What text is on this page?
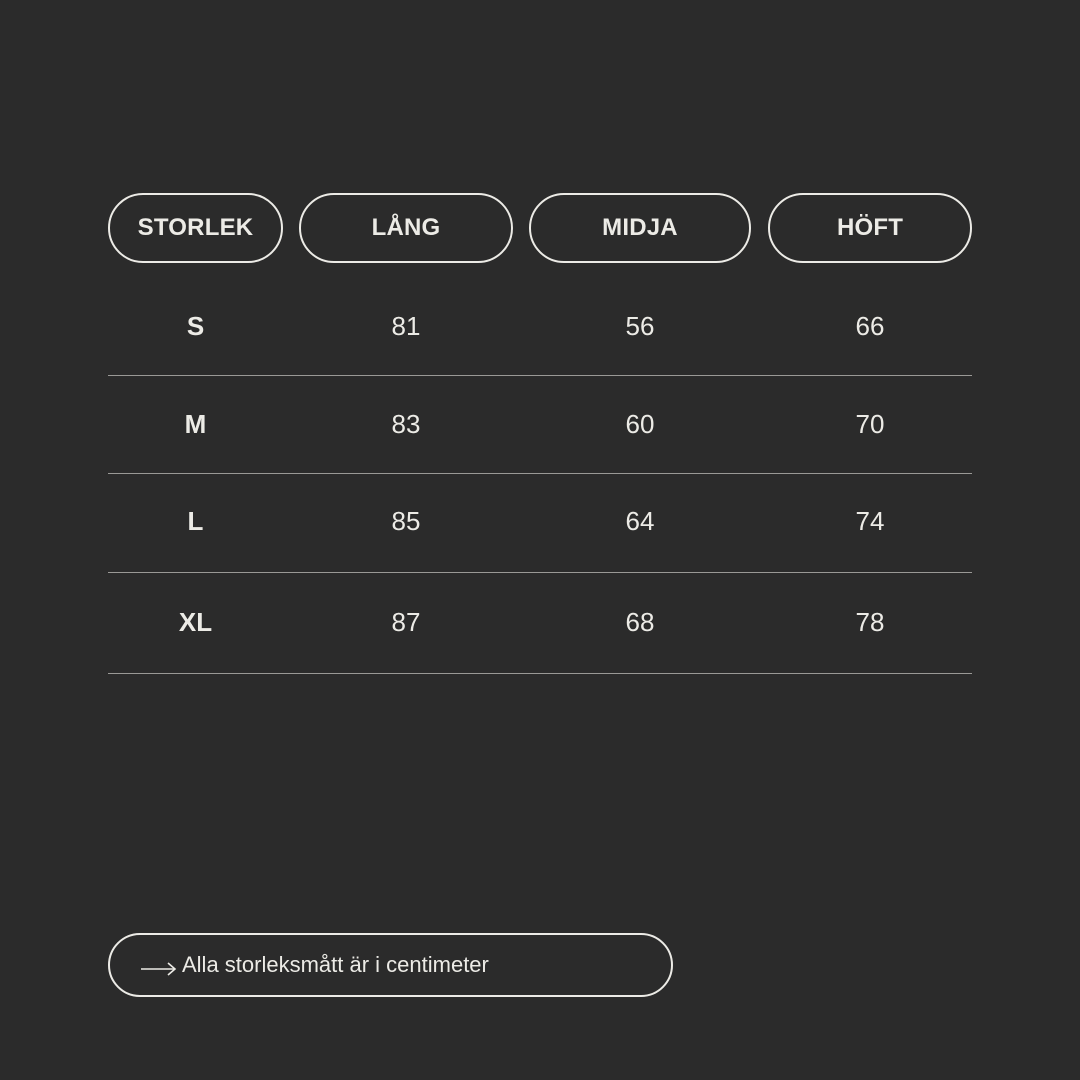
STORLEK	LÅNG	MIDJA	HÖFT
S	81	56	66
M	83	60	70
L	85	64	74
XL	87	68	78
Alla storleksmått är i centimeter
